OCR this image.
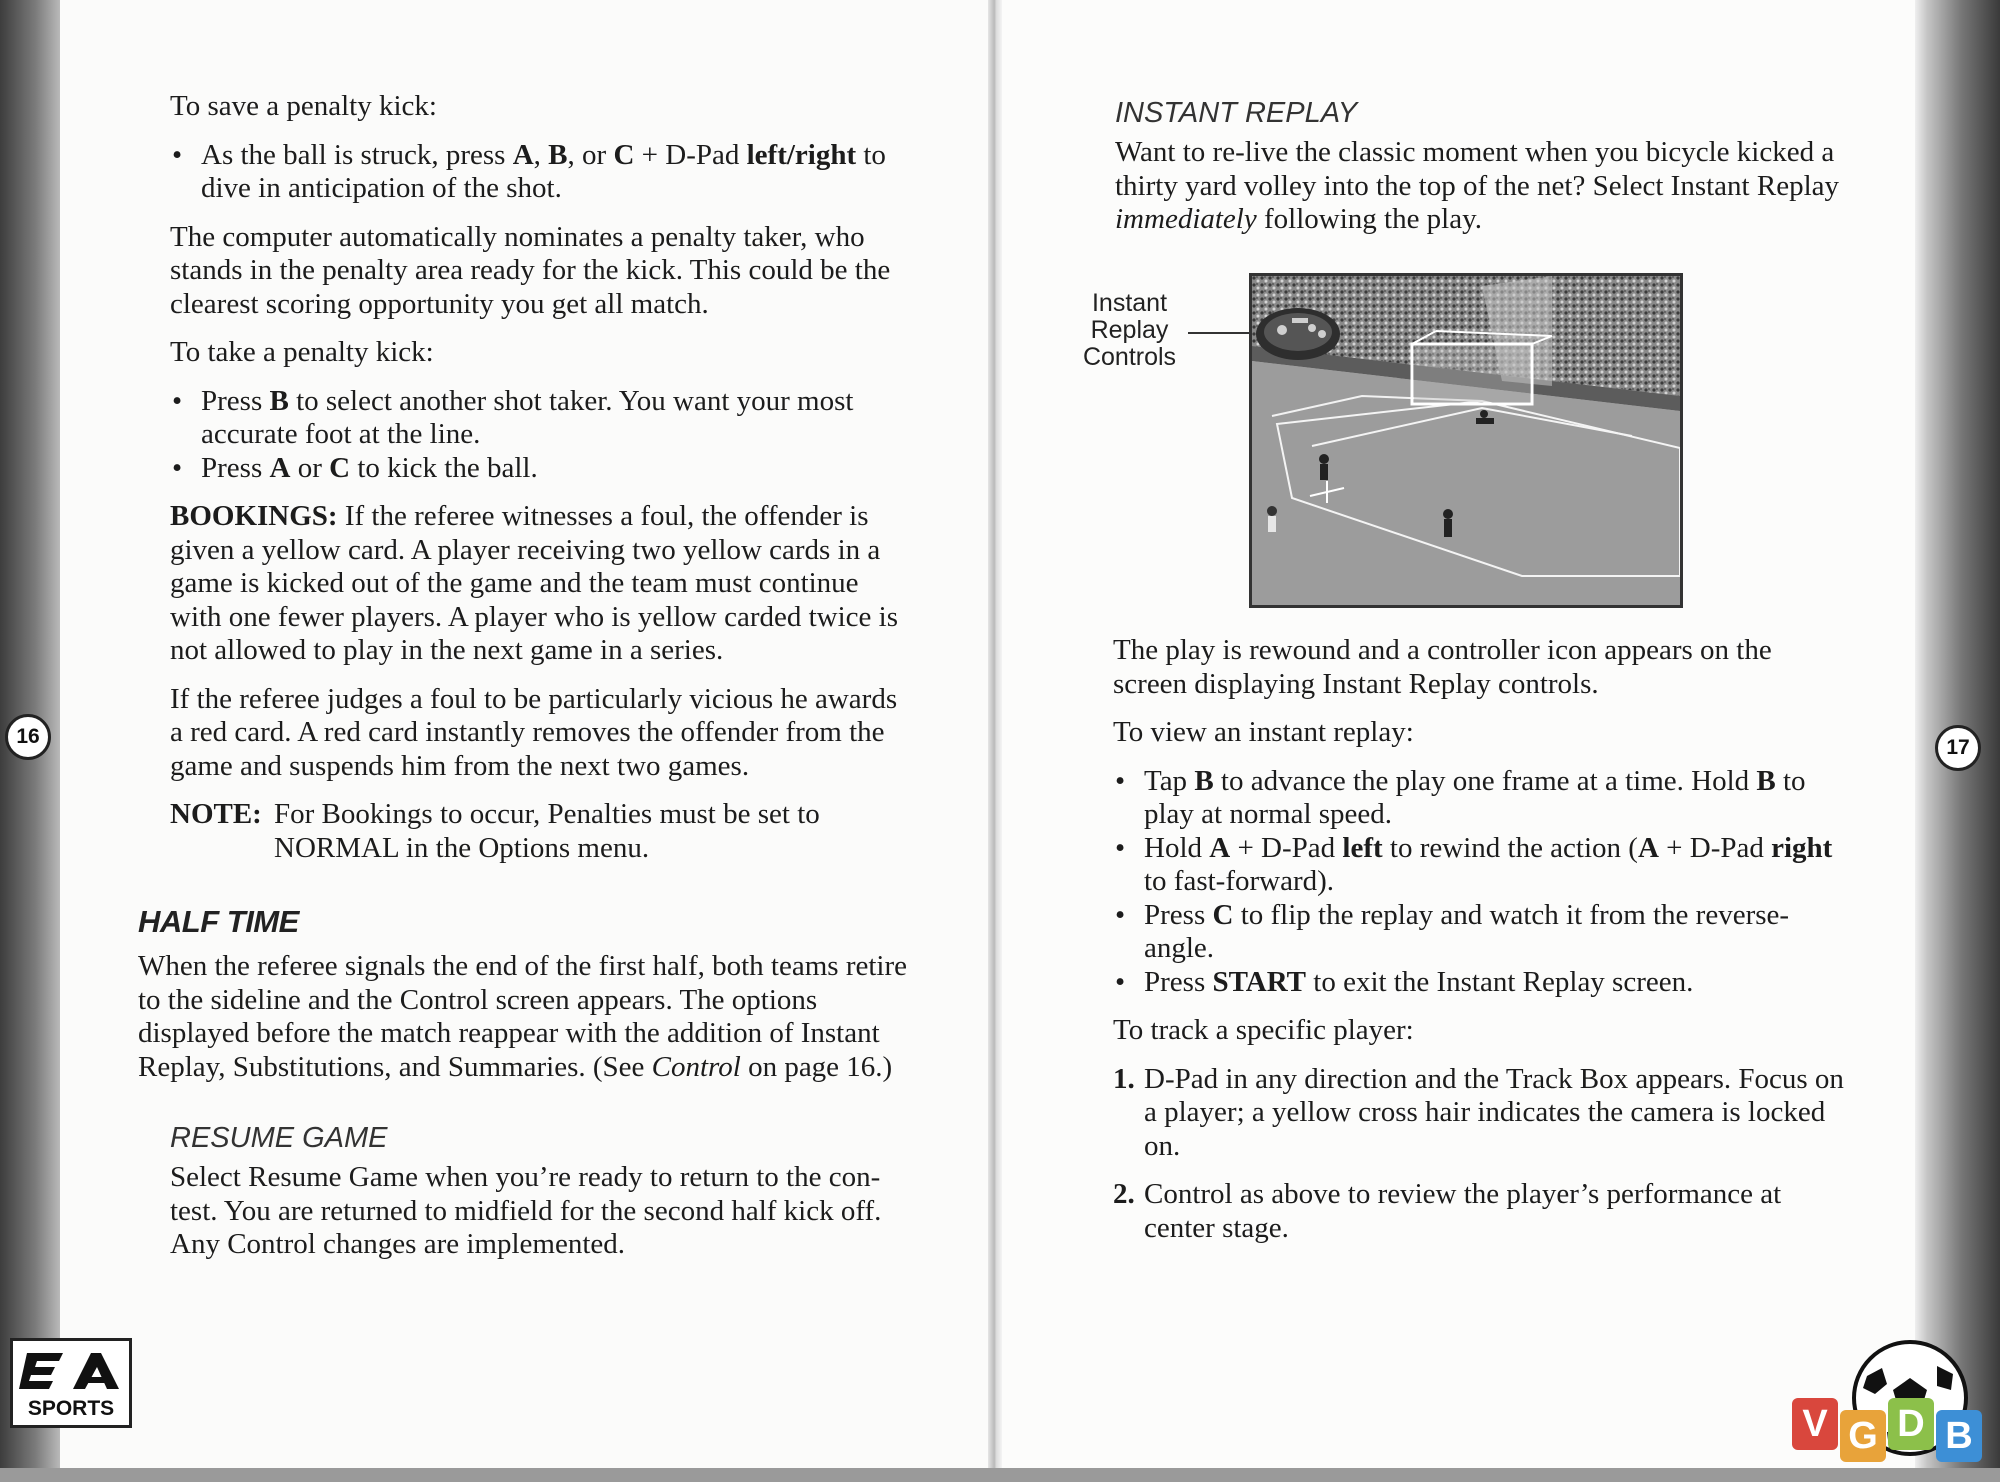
16	17

To save a penalty kick:

• As the ball is struck, press A, B, or C + D-Pad left/right to dive in anticipation of the shot.

The computer automatically nominates a penalty taker, who stands in the penalty area ready for the kick. This could be the clearest scoring opportunity you get all match.

To take a penalty kick:

• Press B to select another shot taker. You want your most accurate foot at the line.
• Press A or C to kick the ball.

BOOKINGS: If the referee witnesses a foul, the offender is given a yellow card. A player receiving two yellow cards in a game is kicked out of the game and the team must continue with one fewer players. A player who is yellow carded twice is not allowed to play in the next game in a series.

If the referee judges a foul to be particularly vicious he awards a red card. A red card instantly removes the offender from the game and suspends him from the next two games.

NOTE: For Bookings to occur, Penalties must be set to NORMAL in the Options menu.
HALF TIME

When the referee signals the end of the first half, both teams retire to the sideline and the Control screen appears. The options displayed before the match reappear with the addition of Instant Replay, Substitutions, and Summaries. (See Control on page 16.)

RESUME GAME

Select Resume Game when you’re ready to return to the con-test. You are returned to midfield for the second half kick off. Any Control changes are implemented.

SPORTS
INSTANT REPLAY

Want to re-live the classic moment when you bicycle kicked a thirty yard volley into the top of the net? Select Instant Replay immediately following the play.

Instant
Replay
Controls

The play is rewound and a controller icon appears on the screen displaying Instant Replay controls.

To view an instant replay:

• Tap B to advance the play one frame at a time. Hold B to play at normal speed.
• Hold A + D-Pad left to rewind the action (A + D-Pad right to fast-forward).
• Press C to flip the replay and watch it from the reverse-angle.
• Press START to exit the Instant Replay screen.

To track a specific player:

1. D-Pad in any direction and the Track Box appears. Focus on a player; a yellow cross hair indicates the camera is locked on.
2. Control as above to review the player’s performance at center stage.
V G D B
